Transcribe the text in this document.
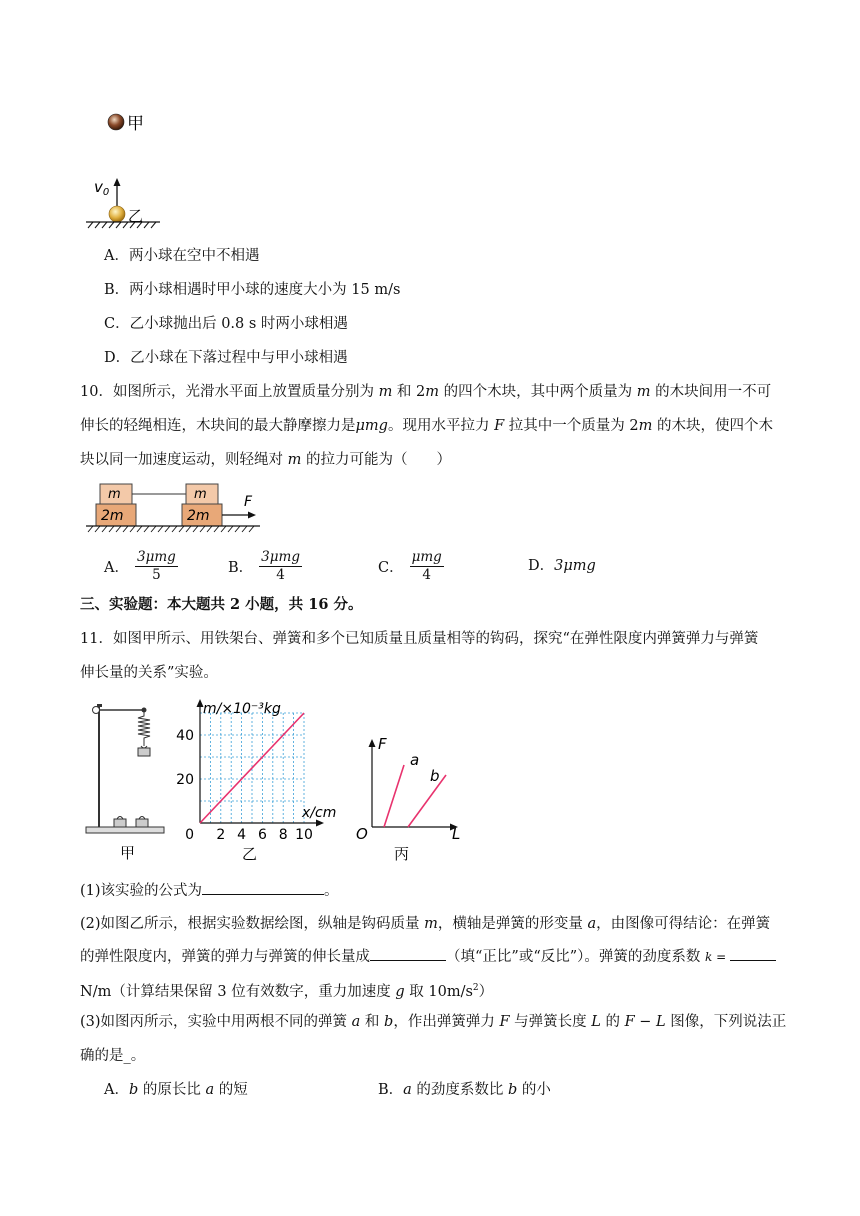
甲
$v_0$
乙
A．两小球在空中不相遇
B．两小球相遇时甲小球的速度大小为 15 m/s
C．乙小球抛出后 0.8 s 时两小球相遇
D．乙小球在下落过程中与甲小球相遇
10．如图所示，光滑水平面上放置质量分别为 m 和 2m 的四个木块，其中两个质量为 m 的木块间用一不可
伸长的轻绳相连，木块间的最大静摩擦力是μmg。现用水平拉力 F 拉其中一个质量为 2m 的木块，使四个木
块以同一加速度运动，则轻绳对 m 的拉力可能为（　　）
m
2m
m
2m
F
A． $\frac{\text{3μmg}}{5}$	B． $\frac{\text{3μmg}}{4}$	C． $\frac{\text{μmg}}{4}$	D．3μmg
三、实验题：本大题共 2 小题，共 16 分。
11．如图甲所示、用铁架台、弹簧和多个已知质量且质量相等的钩码，探究“在弹性限度内弹簧弹力与弹簧
伸长量的关系”实验。
甲
2 4 6 8 10
0
20
40
m/×10⁻³kg
x/cm
乙
F
L
O
a
b
丙
(1)该实验的公式为	。
(2)如图乙所示，根据实验数据绘图，纵轴是钩码质量 m，横轴是弹簧的形变量 a，由图像可得结论：在弹簧
的弹性限度内，弹簧的弹力与弹簧的伸长量成	（填“正比”或“反比”）。弹簧的劲度系数 k =
N/m（计算结果保留 3 位有效数字，重力加速度 g 取 $10m/s^2$）
(3)如图丙所示，实验中用两根不同的弹簧 a 和 b，作出弹簧弹力 F 与弹簧长度 L 的 F − L 图像，下列说法正
确的是_。
A．b 的原长比 a 的短	B．a 的劲度系数比 b 的小
